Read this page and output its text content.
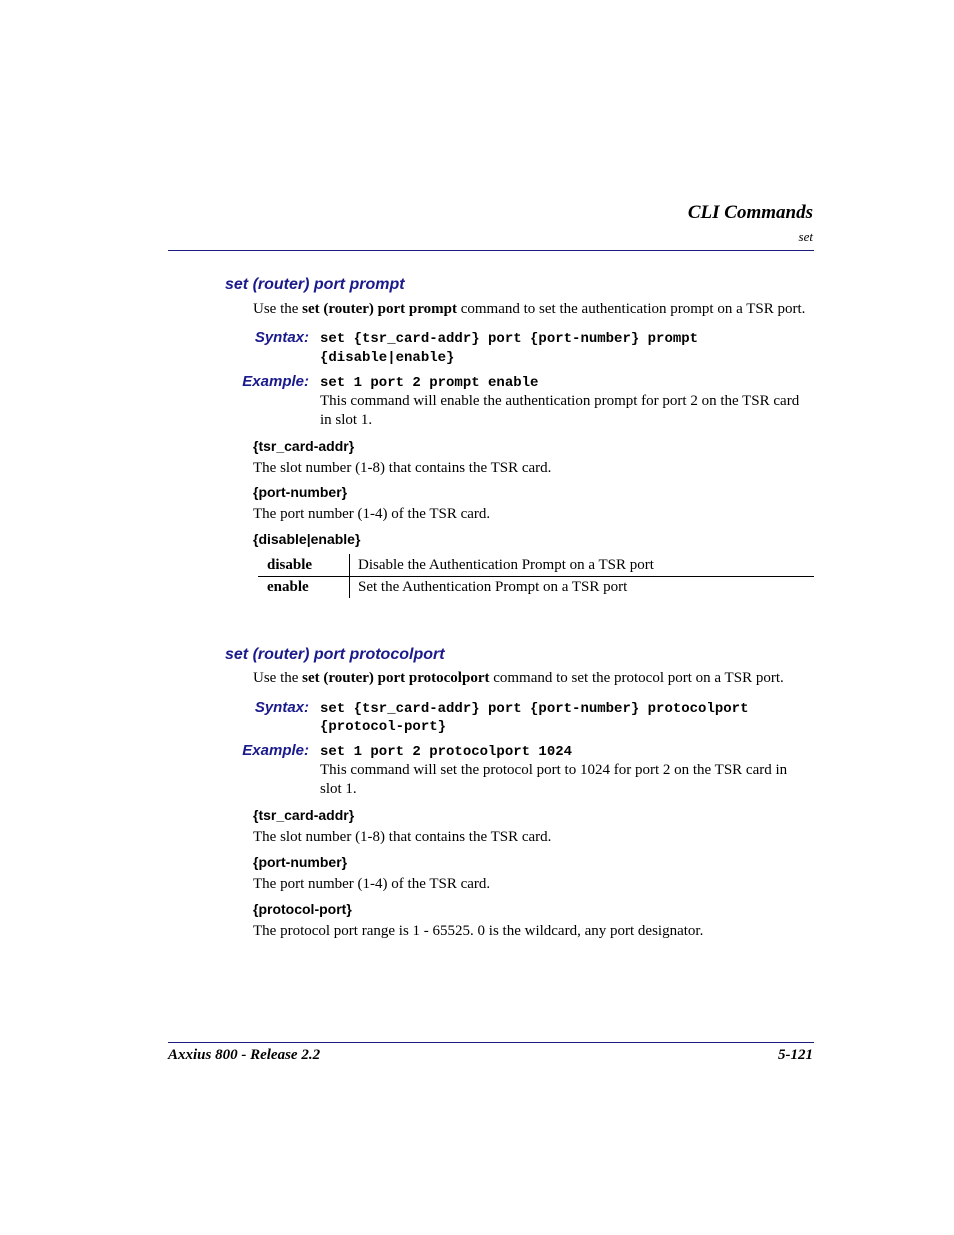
CLI Commands
set
set (router) port prompt
Use the set (router) port prompt command to set the authentication prompt on a TSR port.
Syntax: set {tsr_card-addr} port {port-number} prompt
{disable|enable}
Example: set 1 port 2 prompt enable
This command will enable the authentication prompt for port 2 on the TSR card
in slot 1.
{tsr_card-addr}
The slot number (1-8) that contains the TSR card.
{port-number}
The port number (1-4) of the TSR card.
{disable|enable}
disable	Disable the Authentication Prompt on a TSR port
enable	Set the Authentication Prompt on a TSR port
set (router) port protocolport
Use the set (router) port protocolport command to set the protocol port on a TSR port.
Syntax: set {tsr_card-addr} port {port-number} protocolport
{protocol-port}
Example: set 1 port 2 protocolport 1024
This command will set the protocol port to 1024 for port 2 on the TSR card in
slot 1.
{tsr_card-addr}
The slot number (1-8) that contains the TSR card.
{port-number}
The port number (1-4) of the TSR card.
{protocol-port}
The protocol port range is 1 - 65525. 0 is the wildcard, any port designator.
Axxius 800 - Release 2.2	5-121
